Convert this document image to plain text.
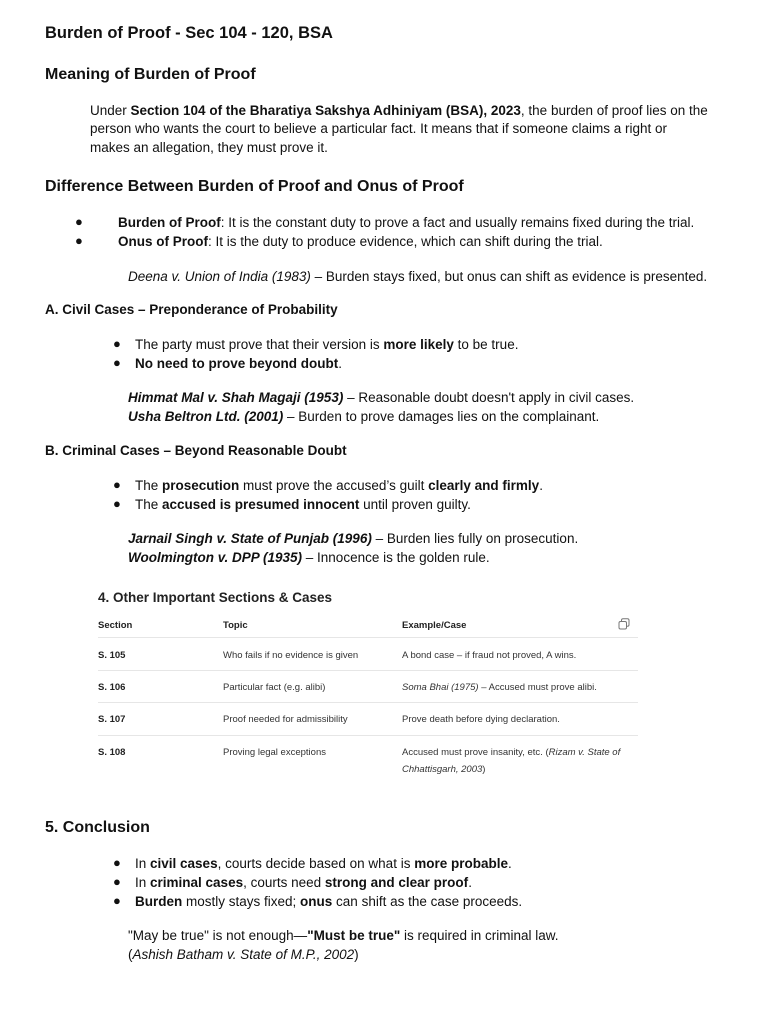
Burden of Proof - Sec 104 - 120, BSA
Meaning of Burden of Proof
Under Section 104 of the Bharatiya Sakshya Adhiniyam (BSA), 2023, the burden of proof lies on the
person who wants the court to believe a particular fact. It means that if someone claims a right or
makes an allegation, they must prove it.
Difference Between Burden of Proof and Onus of Proof
●	Burden of Proof: It is the constant duty to prove a fact and usually remains fixed during the trial.
●	Onus of Proof: It is the duty to produce evidence, which can shift during the trial.
Deena v. Union of India (1983) – Burden stays fixed, but onus can shift as evidence is presented.
A. Civil Cases – Preponderance of Probability
● The party must prove that their version is more likely to be true.
● No need to prove beyond doubt.
Himmat Mal v. Shah Magaji (1953) – Reasonable doubt doesn't apply in civil cases.
Usha Beltron Ltd. (2001) – Burden to prove damages lies on the complainant.
B. Criminal Cases – Beyond Reasonable Doubt
● The prosecution must prove the accused’s guilt clearly and firmly.
● The accused is presumed innocent until proven guilty.
Jarnail Singh v. State of Punjab (1996) – Burden lies fully on prosecution.
Woolmington v. DPP (1935) – Innocence is the golden rule.
4. Other Important Sections & Cases
Section	Topic	Example/Case
S. 105	Who fails if no evidence is given	A bond case – if fraud not proved, A wins.
S. 106	Particular fact (e.g. alibi)	Soma Bhai (1975) – Accused must prove alibi.
S. 107	Proof needed for admissibility	Prove death before dying declaration.
S. 108	Proving legal exceptions	Accused must prove insanity, etc. (Rizam v. State of
Chhattisgarh, 2003)
5. Conclusion
● In civil cases, courts decide based on what is more probable.
● In criminal cases, courts need strong and clear proof.
● Burden mostly stays fixed; onus can shift as the case proceeds.
"May be true" is not enough—"Must be true" is required in criminal law.
(Ashish Batham v. State of M.P., 2002)
